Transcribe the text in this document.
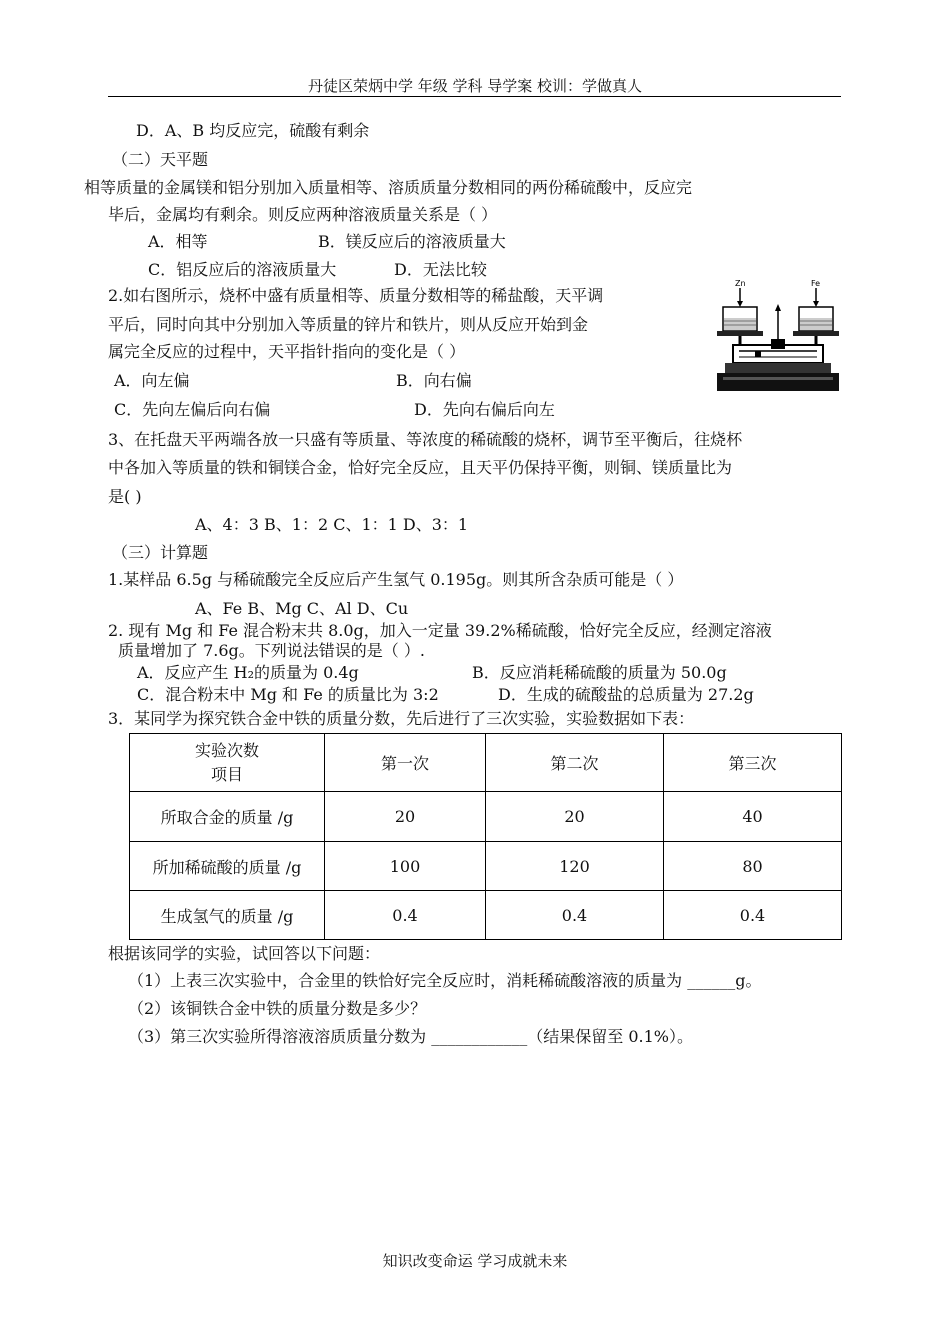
丹徒区荣炳中学 年级 学科 导学案 校训：学做真人
D．A、B 均反应完，硫酸有剩余
（二）天平题
相等质量的金属镁和铝分别加入质量相等、溶质质量分数相同的两份稀硫酸中，反应完
毕后，金属均有剩余。则反应两种溶液质量关系是（ ）
A．相等	B．镁反应后的溶液质量大
C．铝反应后的溶液质量大	D．无法比较
2.如右图所示，烧杯中盛有质量相等、质量分数相等的稀盐酸，天平调
平后，同时向其中分别加入等质量的锌片和铁片，则从反应开始到金
属完全反应的过程中，天平指针指向的变化是（ ）
A．向左偏	B．向右偏
C．先向左偏后向右偏	D．先向右偏后向左
Zn	Fe
3、在托盘天平两端各放一只盛有等质量、等浓度的稀硫酸的烧杯，调节至平衡后，往烧杯
中各加入等质量的铁和铜镁合金，恰好完全反应，且天平仍保持平衡，则铜、镁质量比为
是( )
A、4：3 B、1：2 C、1：1 D、3：1
（三）计算题
1.某样品 6.5g 与稀硫酸完全反应后产生氢气 0.195g。则其所含杂质可能是（ ）
A、Fe B、Mg C、Al D、Cu
2. 现有 Mg 和 Fe 混合粉末共 8.0g，加入一定量 39.2%稀硫酸，恰好完全反应，经测定溶液
质量增加了 7.6g。下列说法错误的是（ ）.
A．反应产生 H₂的质量为 0.4g	B．反应消耗稀硫酸的质量为 50.0g
C．混合粉末中 Mg 和 Fe 的质量比为 3:2	D．生成的硫酸盐的总质量为 27.2g
3．某同学为探究铁合金中铁的质量分数，先后进行了三次实验，实验数据如下表：
实验次数
项目	第一次	第二次	第三次
所取合金的质量 /g	20	20	40
所加稀硫酸的质量 /g	100	120	80
生成氢气的质量 /g	0.4	0.4	0.4
根据该同学的实验，试回答以下问题：
（1）上表三次实验中，合金里的铁恰好完全反应时，消耗稀硫酸溶液的质量为 ______g。
（2）该铜铁合金中铁的质量分数是多少？
（3）第三次实验所得溶液溶质质量分数为 ____________（结果保留至 0.1%）。
知识改变命运 学习成就未来
